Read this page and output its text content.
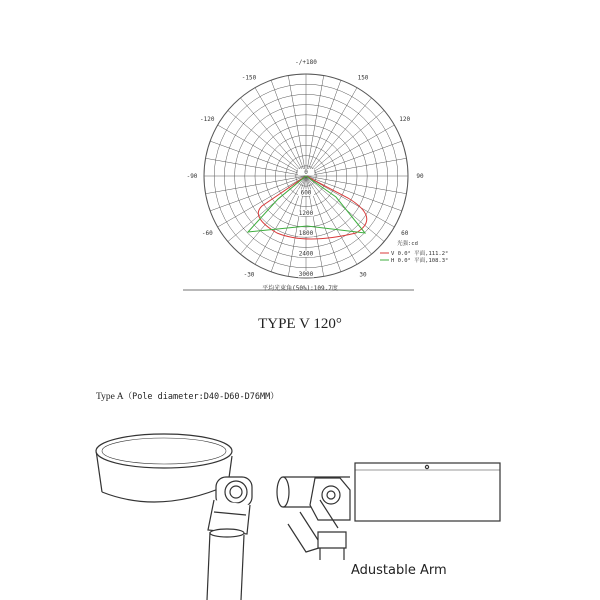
-/+180
150
-150
-120	120
-90	90
-60	60
-30	30
0
600
1200
1800
2400
3000
光强:cd
V 0.0° 平面,111.2°
H 0.0° 平面,108.3°
平均光束角(50%):109.7度
TYPE V 120°
Type A（Pole diameter:D40-D60-D76MM）
Adustable Arm
